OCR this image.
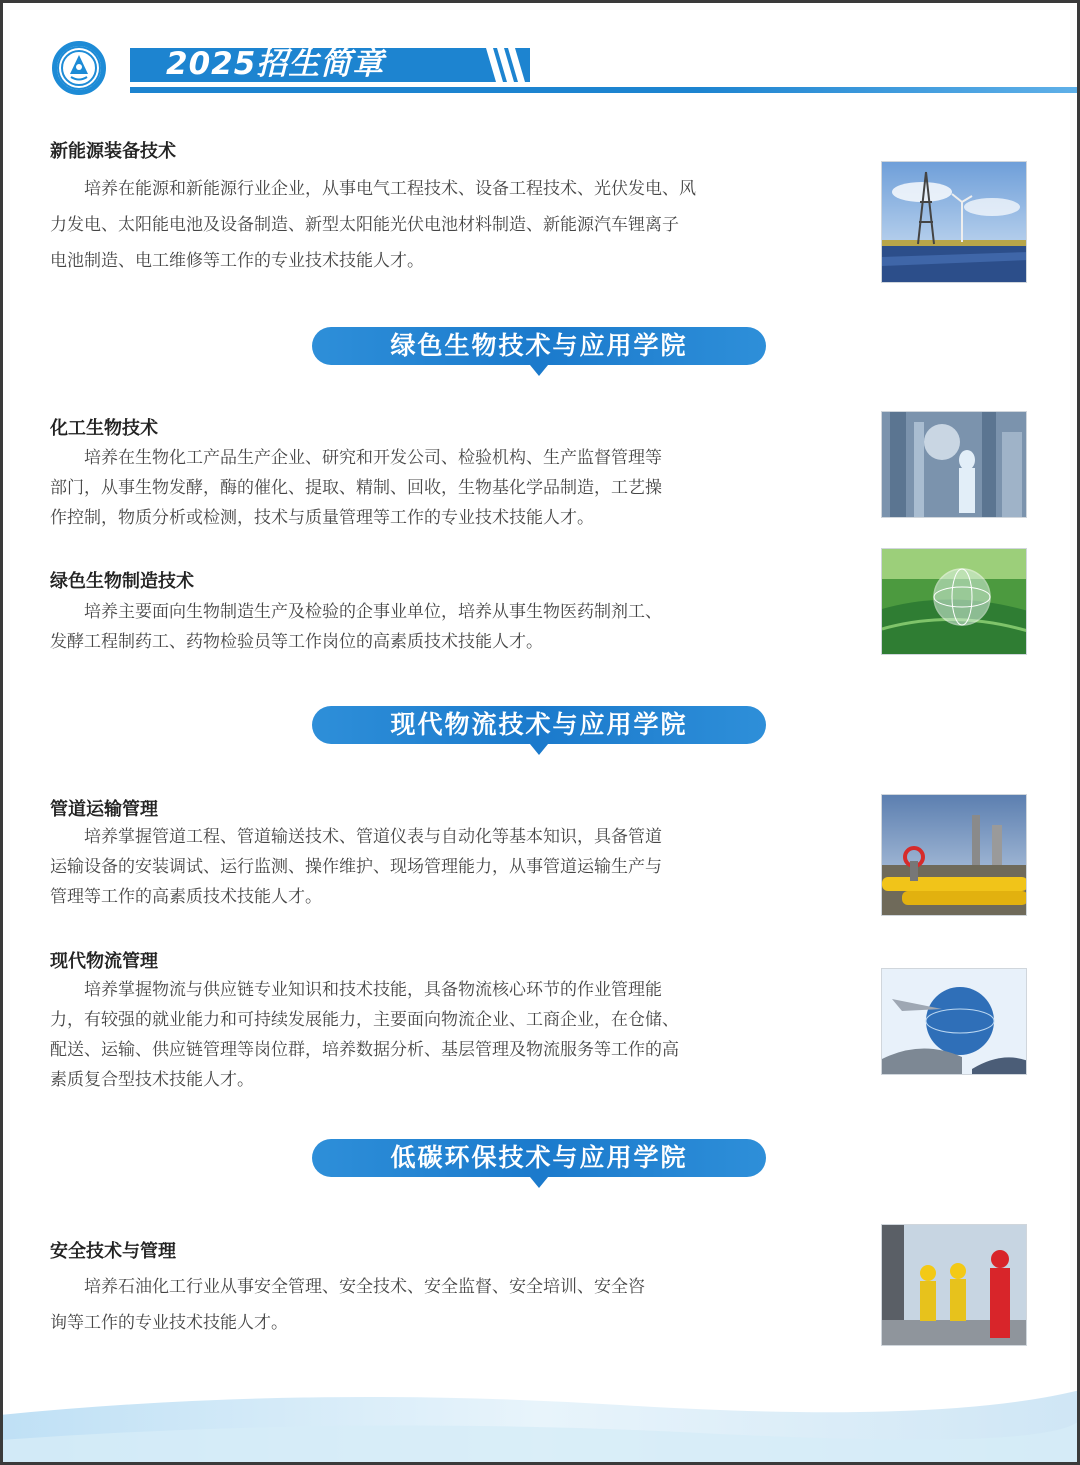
2025招生简章
新能源装备技术
培养在能源和新能源行业企业，从事电气工程技术、设备工程技术、光伏发电、风
力发电、太阳能电池及设备制造、新型太阳能光伏电池材料制造、新能源汽车锂离子
电池制造、电工维修等工作的专业技术技能人才。
绿色生物技术与应用学院
化工生物技术
培养在生物化工产品生产企业、研究和开发公司、检验机构、生产监督管理等
部门，从事生物发酵，酶的催化、提取、精制、回收，生物基化学品制造，工艺操
作控制，物质分析或检测，技术与质量管理等工作的专业技术技能人才。
绿色生物制造技术
培养主要面向生物制造生产及检验的企事业单位，培养从事生物医药制剂工、
发酵工程制药工、药物检验员等工作岗位的高素质技术技能人才。
现代物流技术与应用学院
管道运输管理
培养掌握管道工程、管道输送技术、管道仪表与自动化等基本知识，具备管道
运输设备的安装调试、运行监测、操作维护、现场管理能力，从事管道运输生产与
管理等工作的高素质技术技能人才。
现代物流管理
培养掌握物流与供应链专业知识和技术技能，具备物流核心环节的作业管理能
力，有较强的就业能力和可持续发展能力，主要面向物流企业、工商企业，在仓储、
配送、运输、供应链管理等岗位群，培养数据分析、基层管理及物流服务等工作的高
素质复合型技术技能人才。
低碳环保技术与应用学院
安全技术与管理
培养石油化工行业从事安全管理、安全技术、安全监督、安全培训、安全咨
询等工作的专业技术技能人才。
